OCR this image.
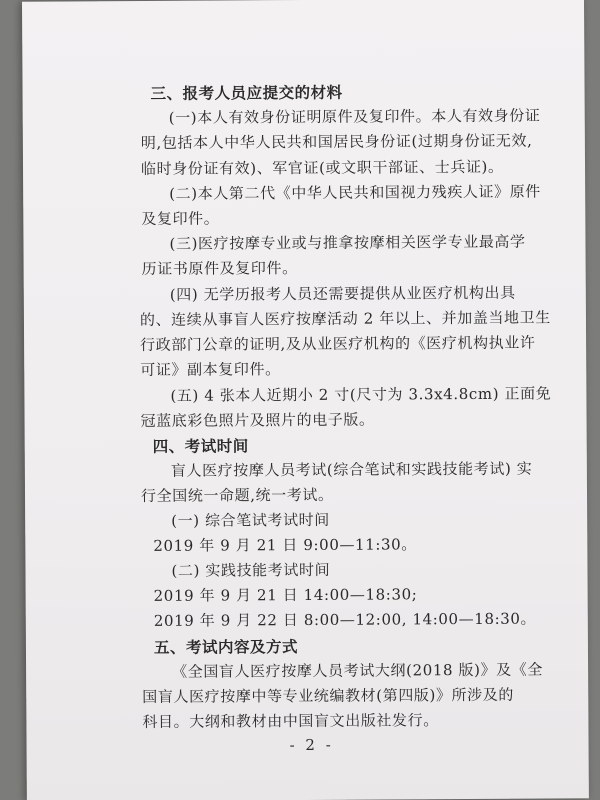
三、报考人员应提交的材料
(一)本人有效身份证明原件及复印件。本人有效身份证
明,包括本人中华人民共和国居民身份证(过期身份证无效,
临时身份证有效)、军官证(或文职干部证、士兵证)。
(二)本人第二代《中华人民共和国视力残疾人证》原件
及复印件。
(三)医疗按摩专业或与推拿按摩相关医学专业最高学
历证书原件及复印件。
(四) 无学历报考人员还需要提供从业医疗机构出具
的、连续从事盲人医疗按摩活动 2 年以上、并加盖当地卫生
行政部门公章的证明,及从业医疗机构的《医疗机构执业许
可证》副本复印件。
(五) 4 张本人近期小 2 寸(尺寸为 3.3x4.8cm) 正面免
冠蓝底彩色照片及照片的电子版。
四、考试时间
盲人医疗按摩人员考试(综合笔试和实践技能考试) 实
行全国统一命题,统一考试。
(一) 综合笔试考试时间
2019 年 9 月 21 日 9:00—11:30。
(二) 实践技能考试时间
2019 年 9 月 21 日 14:00—18:30;
2019 年 9 月 22 日 8:00—12:00, 14:00—18:30。
五、考试内容及方式
《全国盲人医疗按摩人员考试大纲(2018 版)》及《全
国盲人医疗按摩中等专业统编教材(第四版)》所涉及的
科目。大纲和教材由中国盲文出版社发行。
- 2 -
